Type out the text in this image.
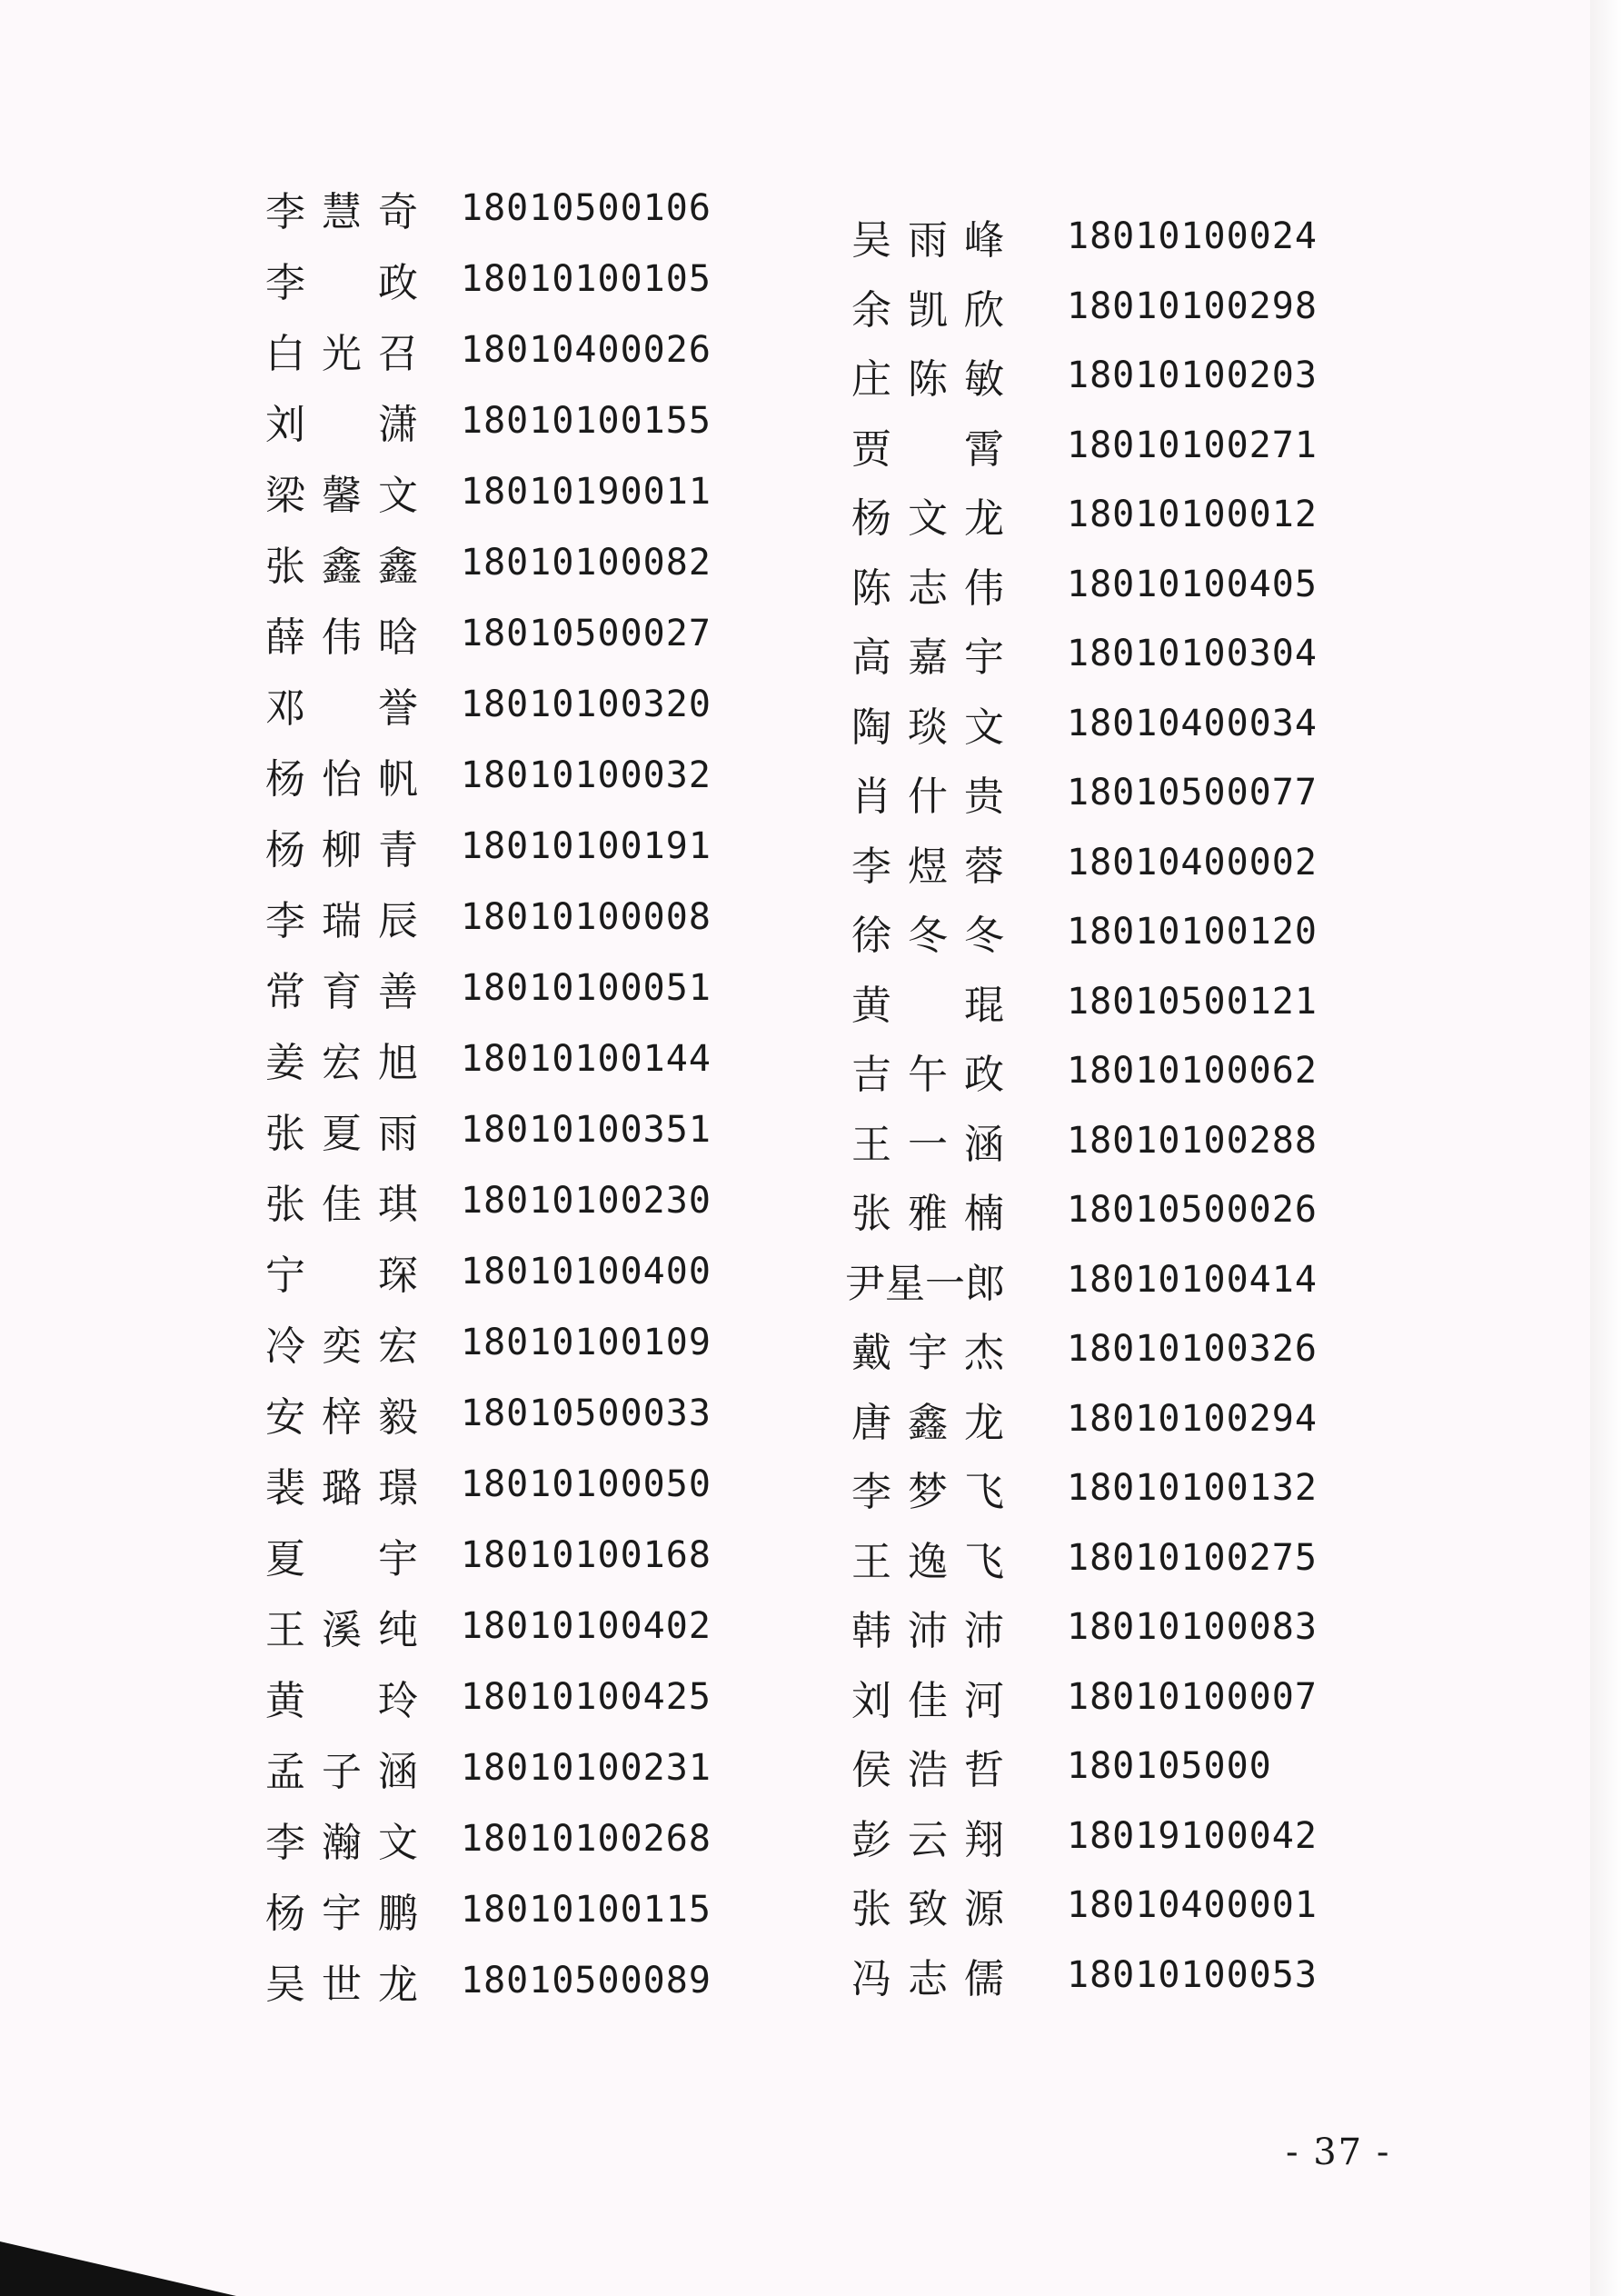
李 慧 奇 18010500106
李 政 18010100105
白 光 召 18010400026
刘 潇 18010100155
梁 馨 文 18010190011
张 鑫 鑫 18010100082
薛 伟 晗 18010500027
邓 誉 18010100320
杨 怡 帆 18010100032
杨 柳 青 18010100191
李 瑞 辰 18010100008
常 育 善 18010100051
姜 宏 旭 18010100144
张 夏 雨 18010100351
张 佳 琪 18010100230
宁 琛 18010100400
冷 奕 宏 18010100109
安 梓 毅 18010500033
裴 璐 璟 18010100050
夏 宇 18010100168
王 溪 纯 18010100402
黄 玲 18010100425
孟 子 涵 18010100231
李 瀚 文 18010100268
杨 宇 鹏 18010100115
吴 世 龙 18010500089
吴 雨 峰 18010100024
余 凯 欣 18010100298
庄 陈 敏 18010100203
贾 霄 18010100271
杨 文 龙 18010100012
陈 志 伟 18010100405
高 嘉 宇 18010100304
陶 琰 文 18010400034
肖 什 贵 18010500077
李 煜 蓉 18010400002
徐 冬 冬 18010100120
黄 琨 18010500121
吉 午 政 18010100062
王 一 涵 18010100288
张 雅 楠 18010500026
尹星一郎 18010100414
戴 宇 杰 18010100326
唐 鑫 龙 18010100294
李 梦 飞 18010100132
王 逸 飞 18010100275
韩 沛 沛 18010100083
刘 佳 河 18010100007
侯 浩 哲 180105000
彭 云 翔 18019100042
张 致 源 18010400001
冯 志 儒 18010100053
- 37 -
